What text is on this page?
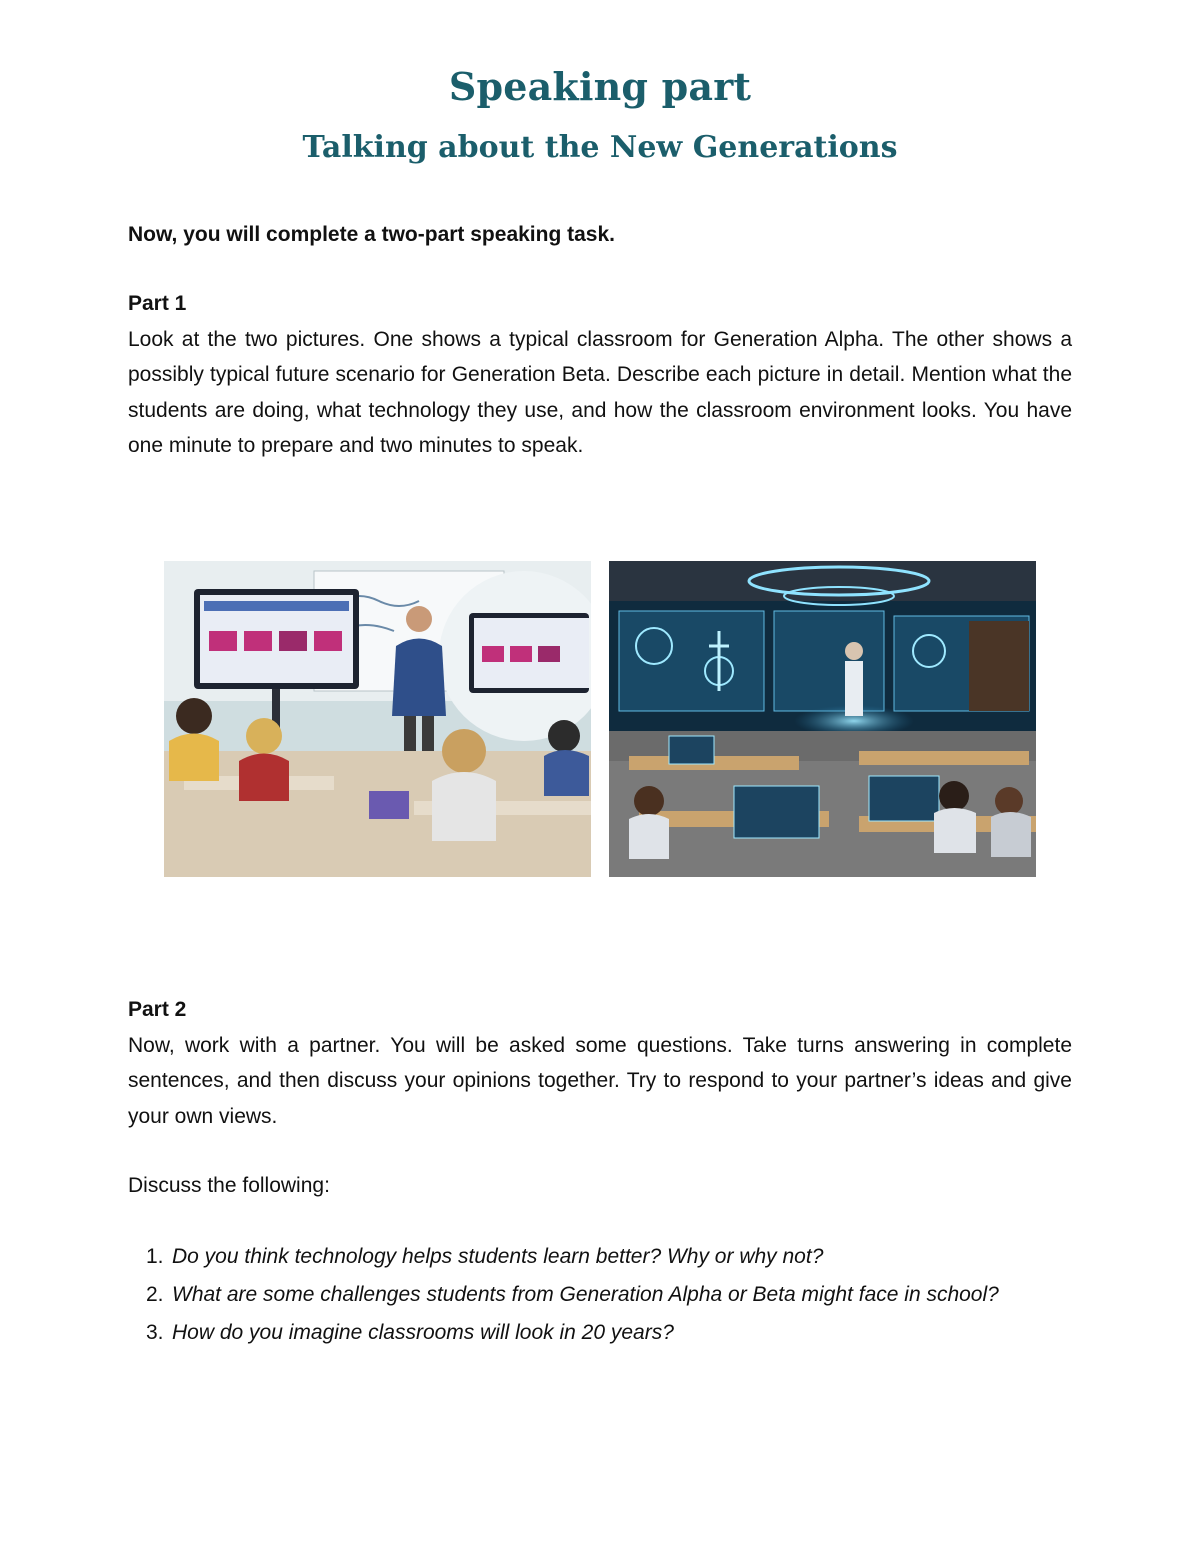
Speaking part
Talking about the New Generations
Now, you will complete a two-part speaking task.
Part 1

Look at the two pictures. One shows a typical classroom for Generation Alpha. The other shows a possibly typical future scenario for Generation Beta. Describe each picture in detail. Mention what the students are doing, what technology they use, and how the classroom environment looks. You have one minute to prepare and two minutes to speak.

Part 2

Now, work with a partner. You will be asked some questions. Take turns answering in complete sentences, and then discuss your opinions together. Try to respond to your partner’s ideas and give your own views.

Discuss the following:
1. Do you think technology helps students learn better? Why or why not?
2. What are some challenges students from Generation Alpha or Beta might face in school?
3. How do you imagine classrooms will look in 20 years?
